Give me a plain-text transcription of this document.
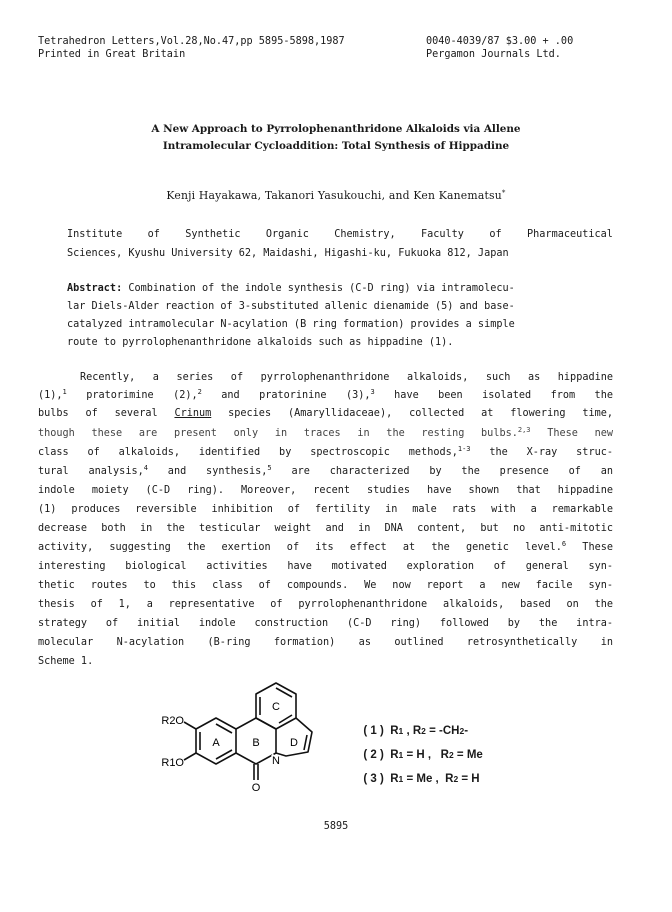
Tetrahedron Letters,Vol.28,No.47,pp 5895-5898,1987
Printed in Great Britain
0040-4039/87 $3.00 + .00
Pergamon Journals Ltd.
A New Approach to Pyrrolophenanthridone Alkaloids via Allene
Intramolecular Cycloaddition: Total Synthesis of Hippadine
Kenji Hayakawa, Takanori Yasukouchi, and Ken Kanematsu*
Institute of Synthetic Organic Chemistry, Faculty of Pharmaceutical
Sciences, Kyushu University 62, Maidashi, Higashi-ku, Fukuoka 812, Japan
Abstract: Combination of the indole synthesis (C-D ring) via intramolecu-
lar Diels-Alder reaction of 3-substituted allenic dienamide (5) and base-
catalyzed intramolecular N-acylation (B ring formation) provides a simple
route to pyrrolophenanthridone alkaloids such as hippadine (1).
Recently, a series of pyrrolophenanthridone alkaloids, such as hippadine
(1),$^1$ pratorimine (2),$^2$ and pratorinine (3),$^3$ have been isolated from the
bulbs of several Crinum species (Amaryllidaceae), collected at flowering time,
though these are present only in traces in the resting bulbs.$^{2,3}$ These new
class of alkaloids, identified by spectroscopic methods,$^{1-3}$ the X-ray struc-
tural analysis,$^4$ and synthesis,$^5$ are characterized by the presence of an
indole moiety (C-D ring). Moreover, recent studies have shown that hippadine
(1) produces reversible inhibition of fertility in male rats with a remarkable
decrease both in the testicular weight and in DNA content, but no anti-mitotic
activity, suggesting the exertion of its effect at the genetic level.$^6$ These
interesting biological activities have motivated exploration of general syn-
thetic routes to this class of compounds. We now report a new facile syn-
thesis of 1, a representative of pyrrolophenanthridone alkaloids, based on the
strategy of initial indole construction (C-D ring) followed by the intra-
molecular N-acylation (B-ring formation) as outlined retrosynthetically in
Scheme 1.
A	B
C
D
N
O
R2O
R1O

( 1 ) R1 , R2 = -CH2-

( 2 ) R1 = H ,   R2 = Me

( 3 ) R1 = Me ,  R2 = H

5895
